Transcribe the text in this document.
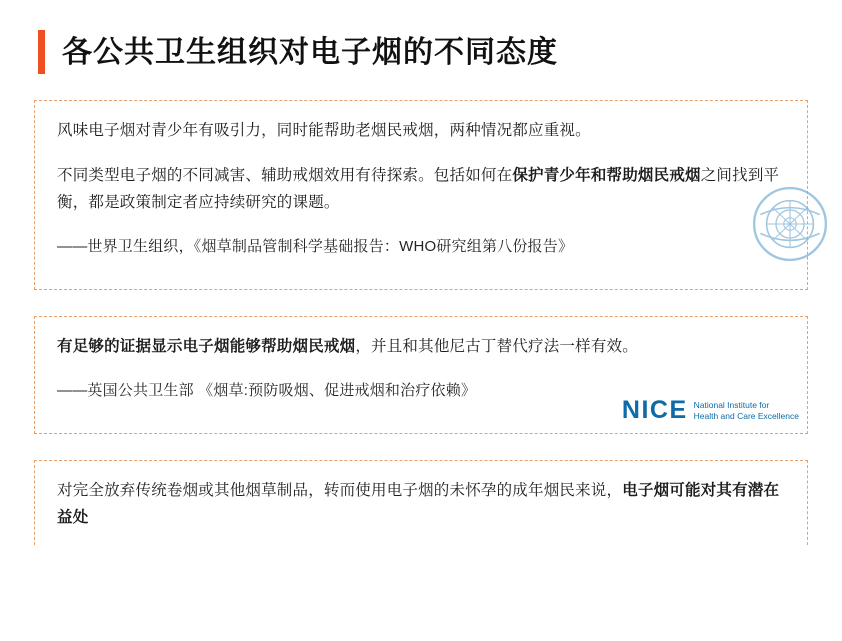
各公共卫生组织对电子烟的不同态度

风味电子烟对青少年有吸引力，同时能帮助老烟民戒烟，两种情况都应重视。

不同类型电子烟的不同减害、辅助戒烟效用有待探索。包括如何在保护青少年和帮助烟民戒烟之间找到平衡，都是政策制定者应持续研究的课题。

——世界卫生组织，《烟草制品管制科学基础报告：WHO研究组第八份报告》

有足够的证据显示电子烟能够帮助烟民戒烟，并且和其他尼古丁替代疗法一样有效。

——英国公共卫生部 《烟草:预防吸烟、促进戒烟和治疗依赖》

NICE National Institute for
Health and Care Excellence

对完全放弃传统卷烟或其他烟草制品，转而使用电子烟的未怀孕的成年烟民来说，电子烟可能对其有潜在益处
